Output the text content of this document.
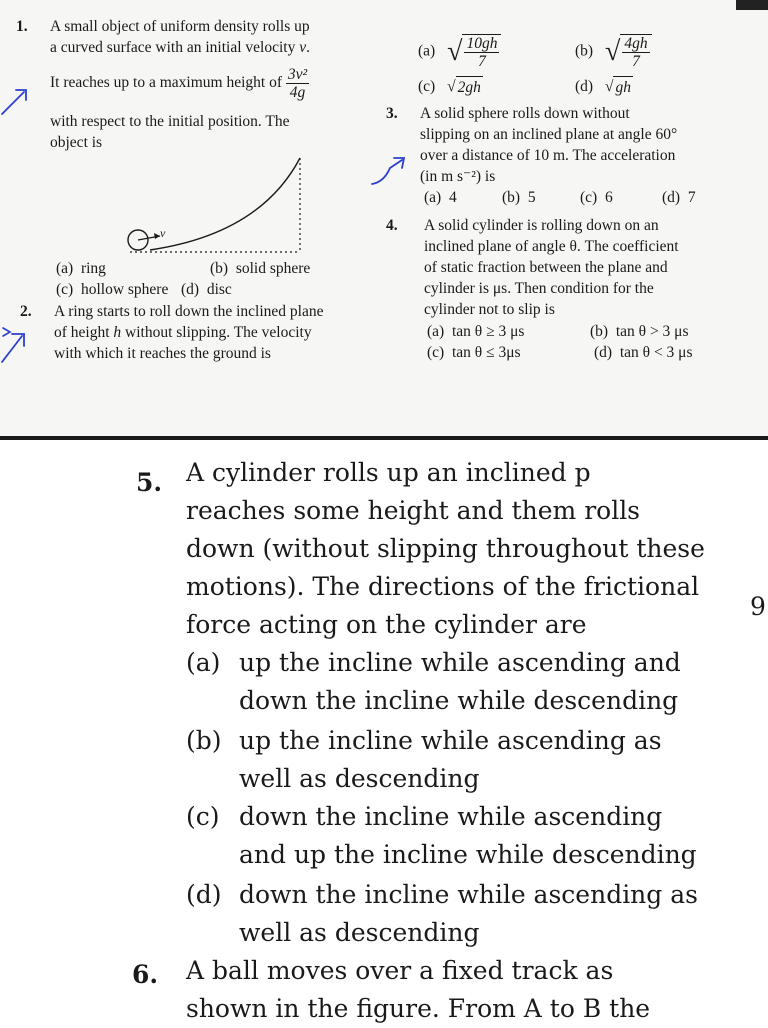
1. A small object of uniform density rolls up
a curved surface with an initial velocity v.
It reaches up to a maximum height of $\frac{\text{3v²}}{4g}$
with respect to the initial position. The
object is
v
(a) ring	(b) solid sphere
(c) hollow sphere (d) disc
2. A ring starts to roll down the inclined plane
of height h without slipping. The velocity
with which it reaches the ground is
(a) √ $\frac{10gh}{7}$	(b) √ $\frac{4gh}{7}$
(c) √ 2gh	(d) √ gh
3. A solid sphere rolls down without
slipping on an inclined plane at angle 60°
over a distance of 10 m. The acceleration
(in m s⁻²) is
(a) 4	(b) 5	(c) 6	(d) 7
4. A solid cylinder is rolling down on an
inclined plane of angle θ. The coefficient
of static fraction between the plane and
cylinder is μs. Then condition for the
cylinder not to slip is
(a) tan θ ≥ 3 μs	(b) tan θ > 3 μs
(c) tan θ ≤ 3μs	(d) tan θ < 3 μs
5. A cylinder rolls up an inclined p
reaches some height and them rolls
down (without slipping throughout these
motions). The directions of the frictional
force acting on the cylinder are
(a) up the incline while ascending and
down the incline while descending
(b) up the incline while ascending as
well as descending
(c) down the incline while ascending
and up the incline while descending
(d) down the incline while ascending as
well as descending
6. A ball moves over a fixed track as
shown in the figure. From A to B the
9
